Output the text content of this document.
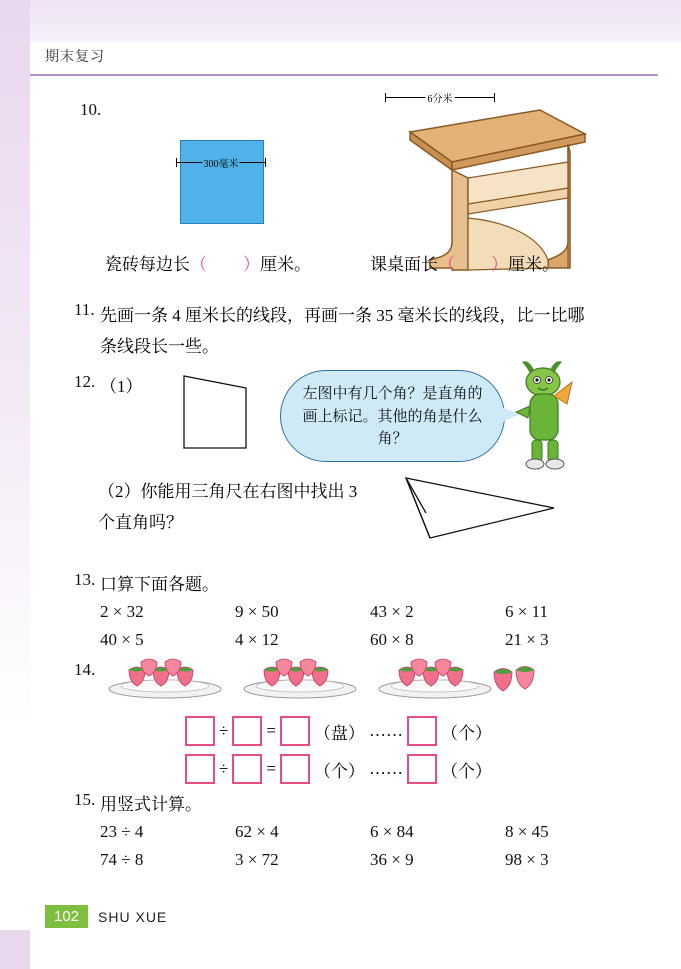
期末复习
10.
300毫米
6分米
瓷砖每边长（ ）厘米。	课桌面长（ ）厘米。
11. 先画一条 4 厘米长的线段，再画一条 35 毫米长的线段，比一比哪条线段长一些。
12. （1）	左图中有几个角？是直角的画上标记。其他的角是什么角？
（2）你能用三角尺在右图中找出 3 个直角吗？
13. 口算下面各题。
2 × 32	9 × 50	43 × 2	6 × 11
40 × 5	4 × 12	60 × 8	21 × 3
14.
÷ = （盘） …… （个）
÷ = （个） …… （个）
15. 用竖式计算。
23 ÷ 4	62 × 4	6 × 84	8 × 45
74 ÷ 8	3 × 72	36 × 9	98 × 3
102	SHU XUE
